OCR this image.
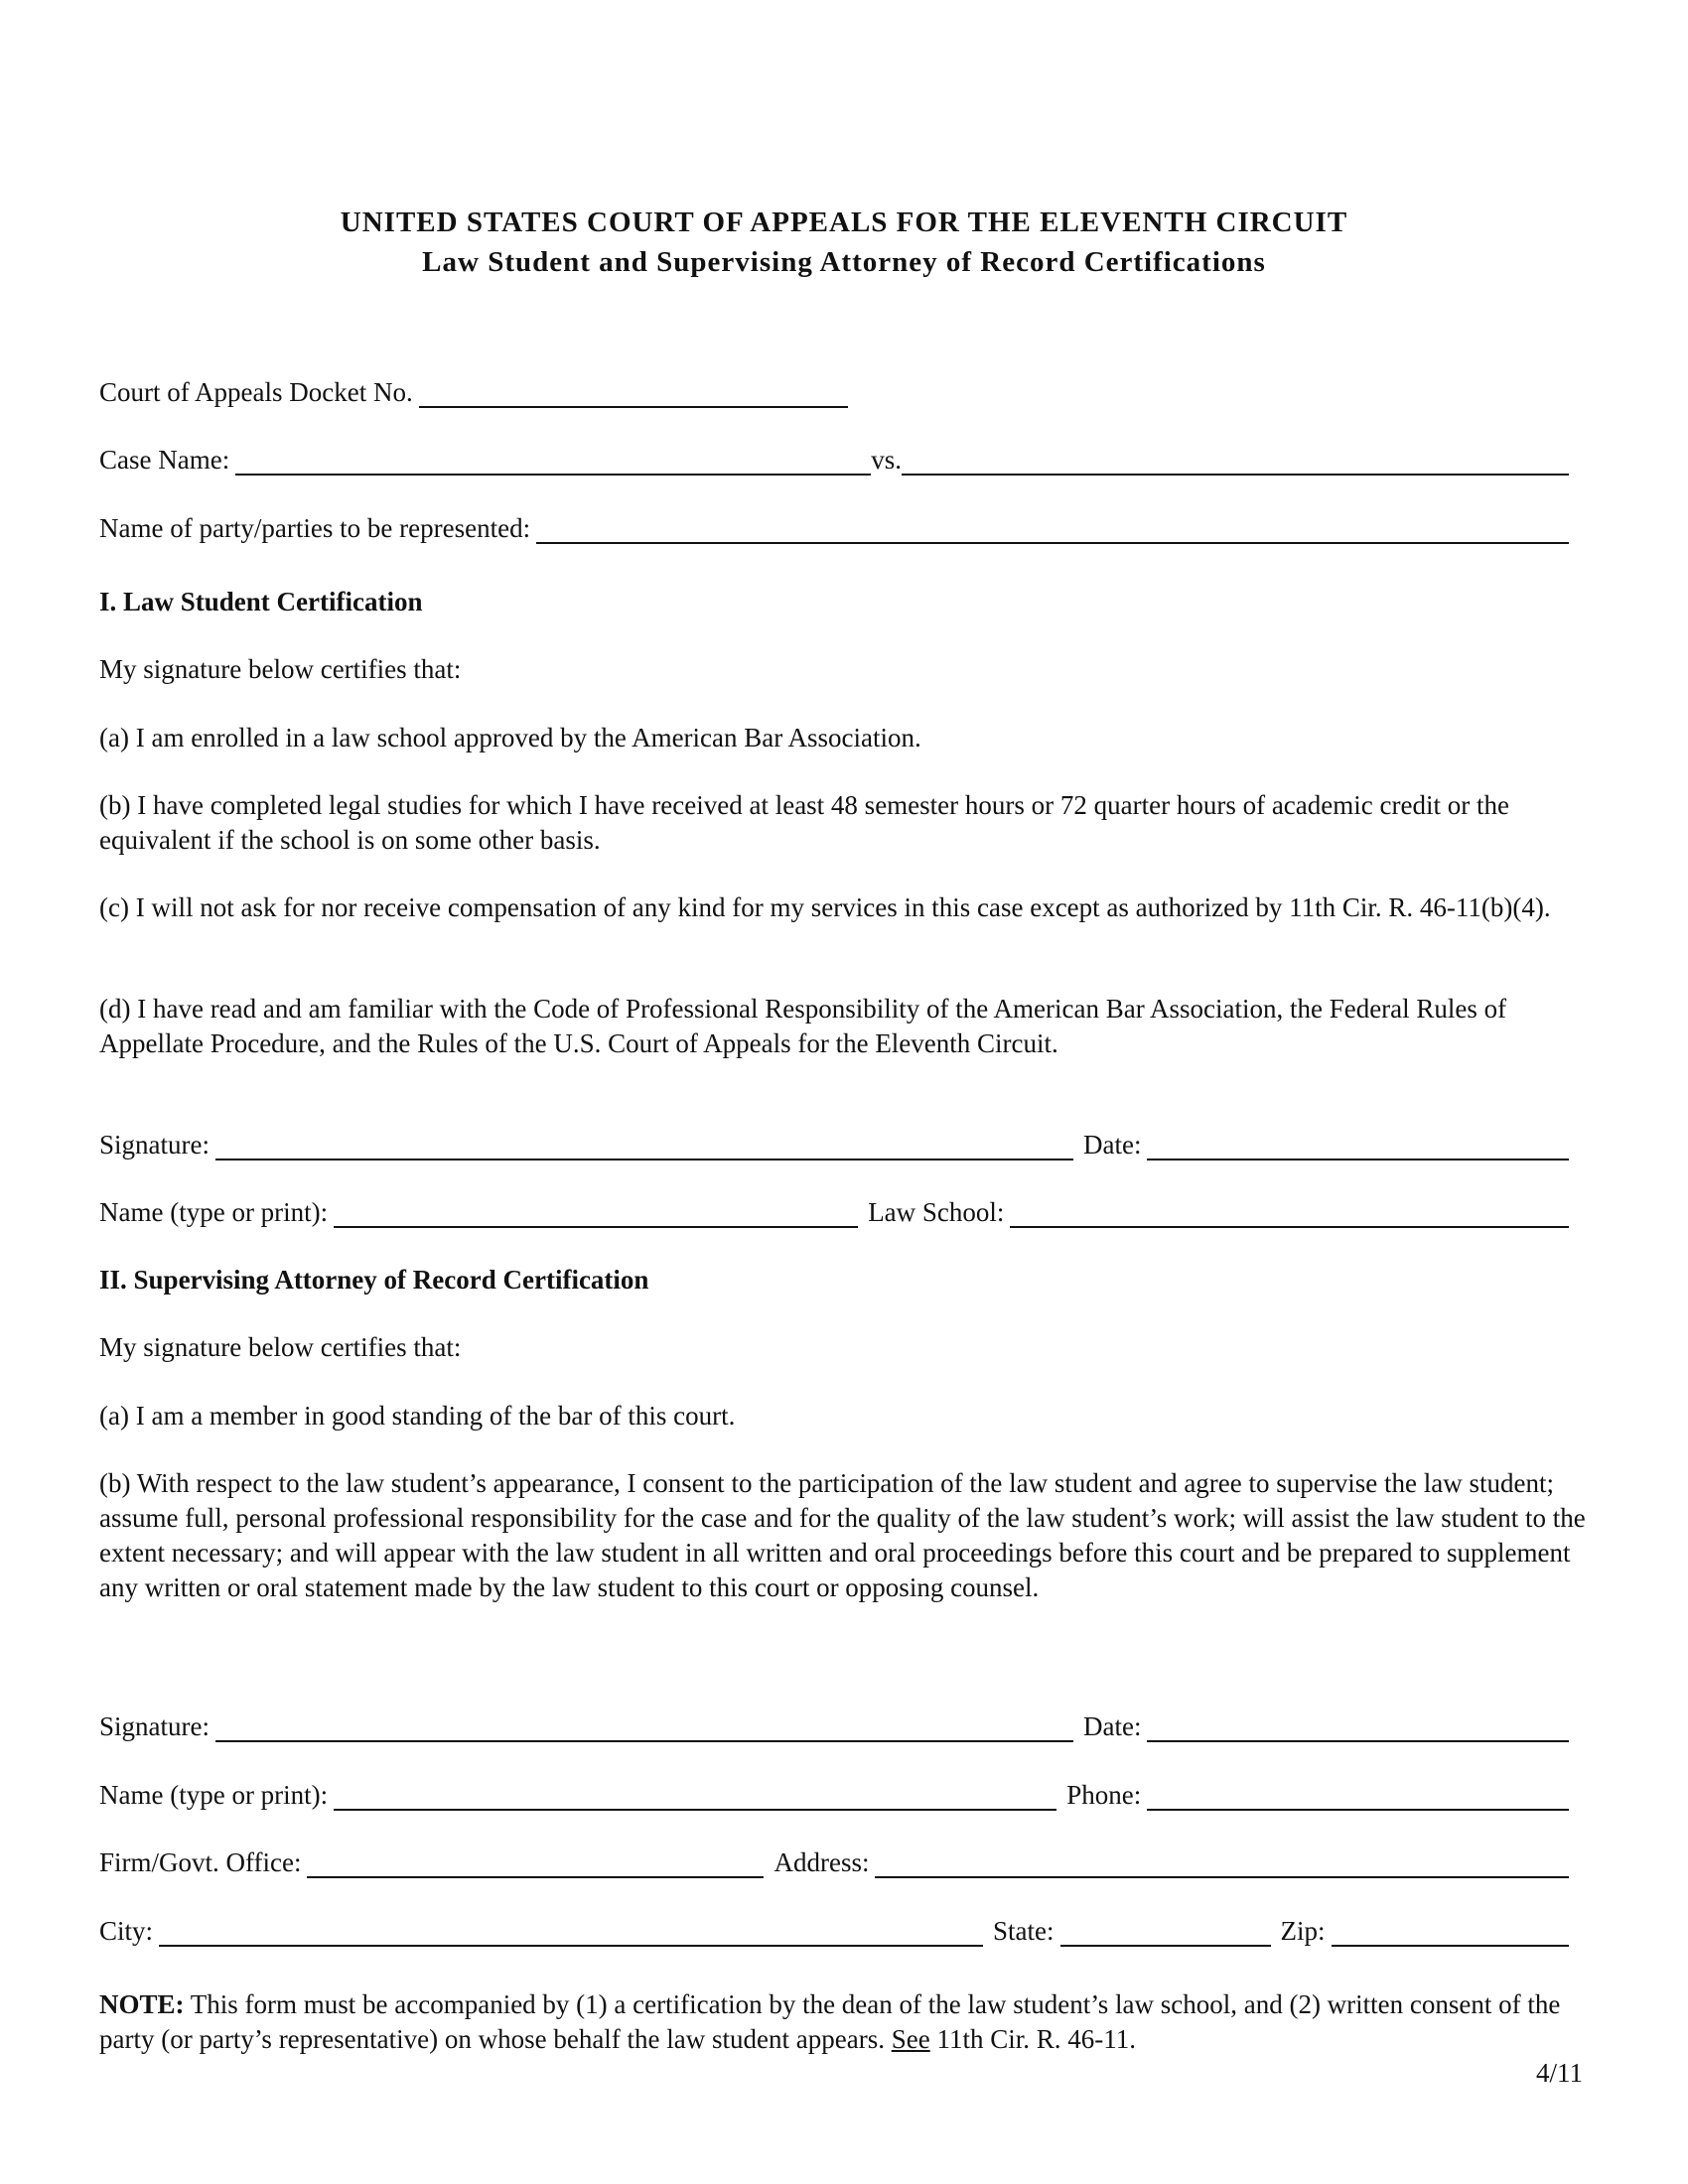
UNITED STATES COURT OF APPEALS FOR THE ELEVENTH CIRCUIT
Law Student and Supervising Attorney of Record Certifications
Court of Appeals Docket No.
Case Name:	vs.
Name of party/parties to be represented:
I. Law Student Certification
My signature below certifies that:
(a) I am enrolled in a law school approved by the American Bar Association.
(b) I have completed legal studies for which I have received at least 48 semester hours or 72 quarter hours of academic credit or the equivalent if the school is on some other basis.
(c) I will not ask for nor receive compensation of any kind for my services in this case except as authorized by 11th Cir. R. 46-11(b)(4).
(d) I have read and am familiar with the Code of Professional Responsibility of the American Bar Association, the Federal Rules of Appellate Procedure, and the Rules of the U.S. Court of Appeals for the Eleventh Circuit.
Signature:	Date:
Name (type or print):	Law School:
II. Supervising Attorney of Record Certification
My signature below certifies that:
(a) I am a member in good standing of the bar of this court.
(b) With respect to the law student’s appearance, I consent to the participation of the law student and agree to supervise the law student; assume full, personal professional responsibility for the case and for the quality of the law student’s work; will assist the law student to the extent necessary; and will appear with the law student in all written and oral proceedings before this court and be prepared to supplement any written or oral statement made by the law student to this court or opposing counsel.
Signature:	Date:
Name (type or print):	Phone:
Firm/Govt. Office:	Address:
City:	State:	Zip:
NOTE: This form must be accompanied by (1) a certification by the dean of the law student’s law school, and (2) written consent of the party (or party’s representative) on whose behalf the law student appears. See 11th Cir. R. 46-11.
4/11
